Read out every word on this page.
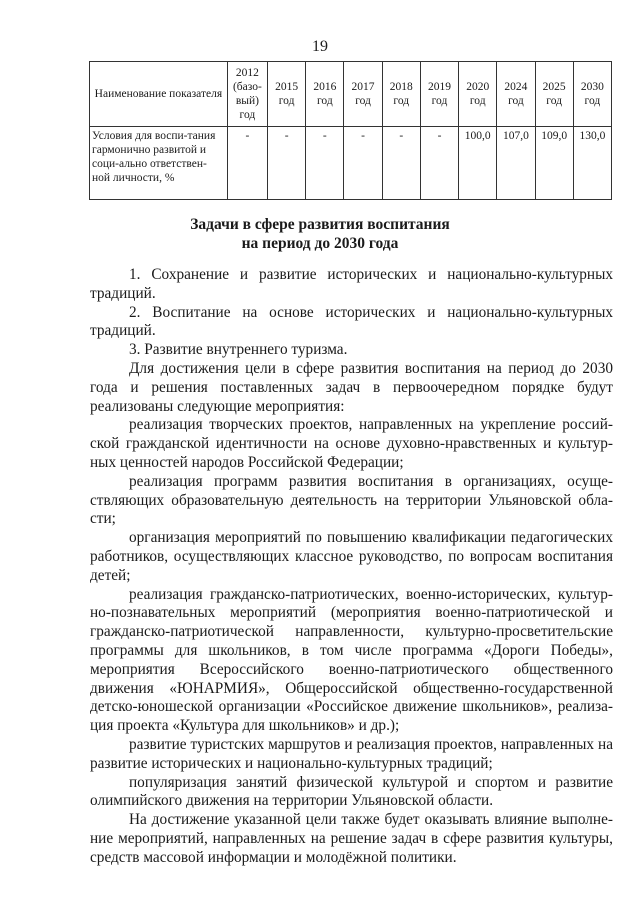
19
Наименование показателя	2012 (базо-вый) год	2015 год	2016 год	2017 год	2018 год	2019 год	2020 год	2024 год	2025 год	2030 год
Условия для воспи-тания гармонично развитой и соци-ально ответствен-ной личности, %	-	-	-	-	-	-	100,0	107,0	109,0	130,0
Задачи в сфере развития воспитания
на период до 2030 года

1. Сохранение и развитие исторических и национально-культурных традиций.

2. Воспитание на основе исторических и национально-культурных традиций.

3. Развитие внутреннего туризма.

Для достижения цели в сфере развития воспитания на период до 2030 года и решения поставленных задач в первоочередном порядке будут реализованы следующие мероприятия:

реализация творческих проектов, направленных на укрепление россий-ской гражданской идентичности на основе духовно-нравственных и культур-ных ценностей народов Российской Федерации;

реализация программ развития воспитания в организациях, осуще-ствляющих образовательную деятельность на территории Ульяновской обла-сти;

организация мероприятий по повышению квалификации педагогических работников, осуществляющих классное руководство, по вопросам воспитания детей;

реализация гражданско-патриотических, военно-исторических, культур-но-познавательных мероприятий (мероприятия военно-патриотической и гражданско-патриотической направленности, культурно-просветительские программы для школьников, в том числе программа «Дороги Победы», мероприятия Всероссийского военно-патриотического общественного движения «ЮНАРМИЯ», Общероссийской общественно-государственной детско-юношеской организации «Российское движение школьников», реализа-ция проекта «Культура для школьников» и др.);

развитие туристских маршрутов и реализация проектов, направленных на развитие исторических и национально-культурных традиций;

популяризация занятий физической культурой и спортом и развитие олимпийского движения на территории Ульяновской области.

На достижение указанной цели также будет оказывать влияние выполне-ние мероприятий, направленных на решение задач в сфере развития культуры, средств массовой информации и молодёжной политики.
